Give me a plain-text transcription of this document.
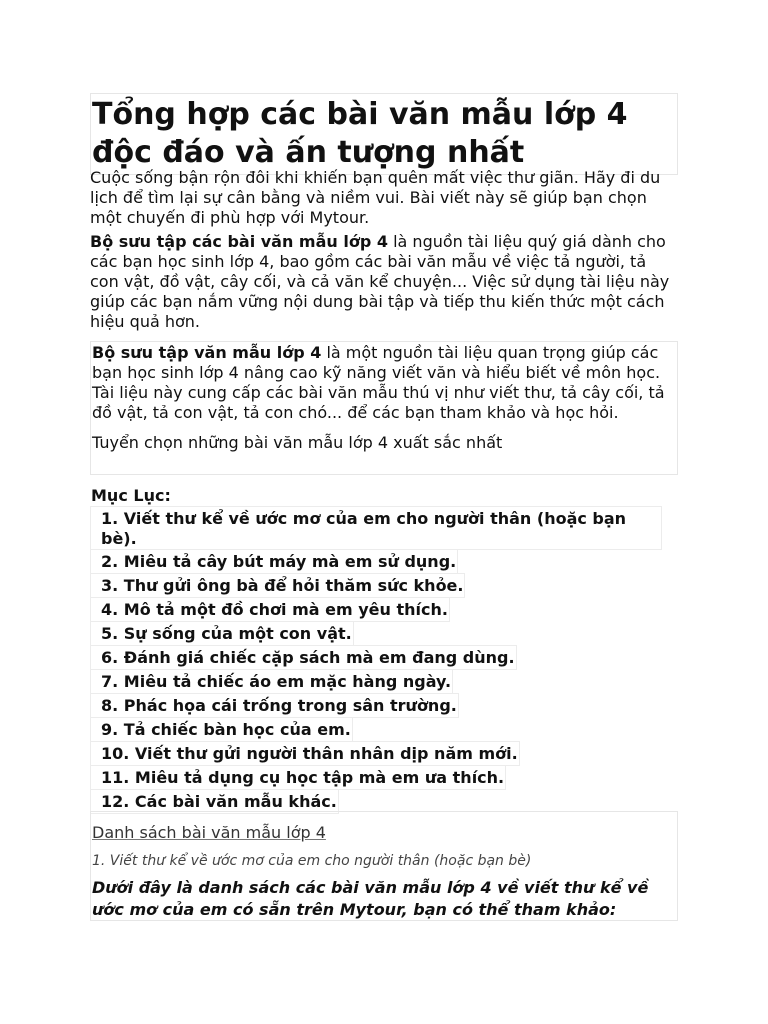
Tổng hợp các bài văn mẫu lớp 4 độc đáo và ấn tượng nhất
Cuộc sống bận rộn đôi khi khiến bạn quên mất việc thư giãn. Hãy đi du lịch để tìm lại sự cân bằng và niềm vui. Bài viết này sẽ giúp bạn chọn một chuyến đi phù hợp với Mytour.
Bộ sưu tập các bài văn mẫu lớp 4 là nguồn tài liệu quý giá dành cho các bạn học sinh lớp 4, bao gồm các bài văn mẫu về việc tả người, tả con vật, đồ vật, cây cối, và cả văn kể chuyện... Việc sử dụng tài liệu này giúp các bạn nắm vững nội dung bài tập và tiếp thu kiến thức một cách hiệu quả hơn.

Bộ sưu tập văn mẫu lớp 4 là một nguồn tài liệu quan trọng giúp các bạn học sinh lớp 4 nâng cao kỹ năng viết văn và hiểu biết về môn học. Tài liệu này cung cấp các bài văn mẫu thú vị như viết thư, tả cây cối, tả đồ vật, tả con vật, tả con chó... để các bạn tham khảo và học hỏi.

Tuyển chọn những bài văn mẫu lớp 4 xuất sắc nhất

Mục Lục:
1. Viết thư kể về ước mơ của em cho người thân (hoặc bạn bè).
2. Miêu tả cây bút máy mà em sử dụng.
3. Thư gửi ông bà để hỏi thăm sức khỏe.
4. Mô tả một đồ chơi mà em yêu thích.
5. Sự sống của một con vật.
6. Đánh giá chiếc cặp sách mà em đang dùng.
7. Miêu tả chiếc áo em mặc hàng ngày.
8. Phác họa cái trống trong sân trường.
9. Tả chiếc bàn học của em.
10. Viết thư gửi người thân nhân dịp năm mới.
11. Miêu tả dụng cụ học tập mà em ưa thích.
12. Các bài văn mẫu khác.
Danh sách bài văn mẫu lớp 4
1. Viết thư kể về ước mơ của em cho người thân (hoặc bạn bè)
Dưới đây là danh sách các bài văn mẫu lớp 4 về viết thư kể về ước mơ của em có sẵn trên Mytour, bạn có thể tham khảo:
